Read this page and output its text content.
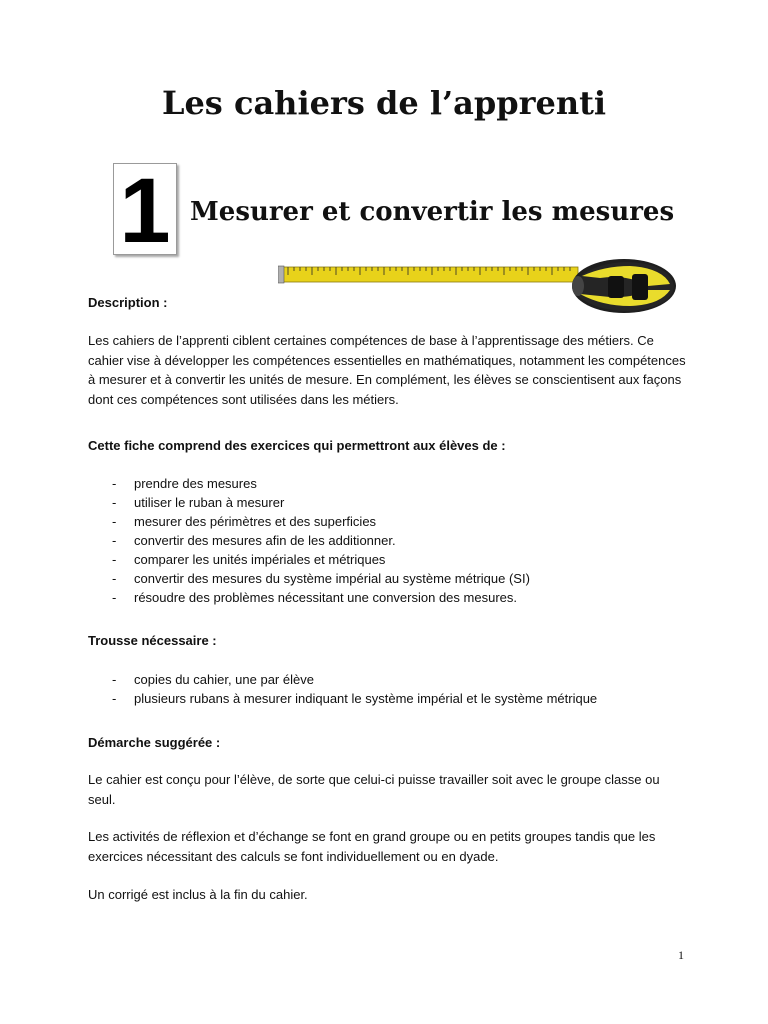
Les cahiers de l’apprenti
1 Mesurer et convertir les mesures

Description :

Les cahiers de l’apprenti ciblent certaines compétences de base à l’apprentissage des métiers. Ce cahier vise à développer les compétences essentielles en mathématiques, notamment les compétences à mesurer et à convertir les unités de mesure. En complément, les élèves se conscientisent aux façons dont ces compétences sont utilisées dans les métiers.

Cette fiche comprend des exercices qui permettront aux élèves de :

- prendre des mesures
- utiliser le ruban à mesurer
- mesurer des périmètres et des superficies
- convertir des mesures afin de les additionner.
- comparer les unités impériales et métriques
- convertir des mesures du système impérial au système métrique (SI)
- résoudre des problèmes nécessitant une conversion des mesures.

Trousse nécessaire :

- copies du cahier, une par élève
- plusieurs rubans à mesurer indiquant le système impérial et le système métrique

Démarche suggérée :

Le cahier est conçu pour l’élève, de sorte que celui-ci puisse travailler soit avec le groupe classe ou seul.

Les activités de réflexion et d’échange se font en grand groupe ou en petits groupes tandis que les exercices nécessitant des calculs se font individuellement ou en dyade.

Un corrigé est inclus à la fin du cahier.

1
